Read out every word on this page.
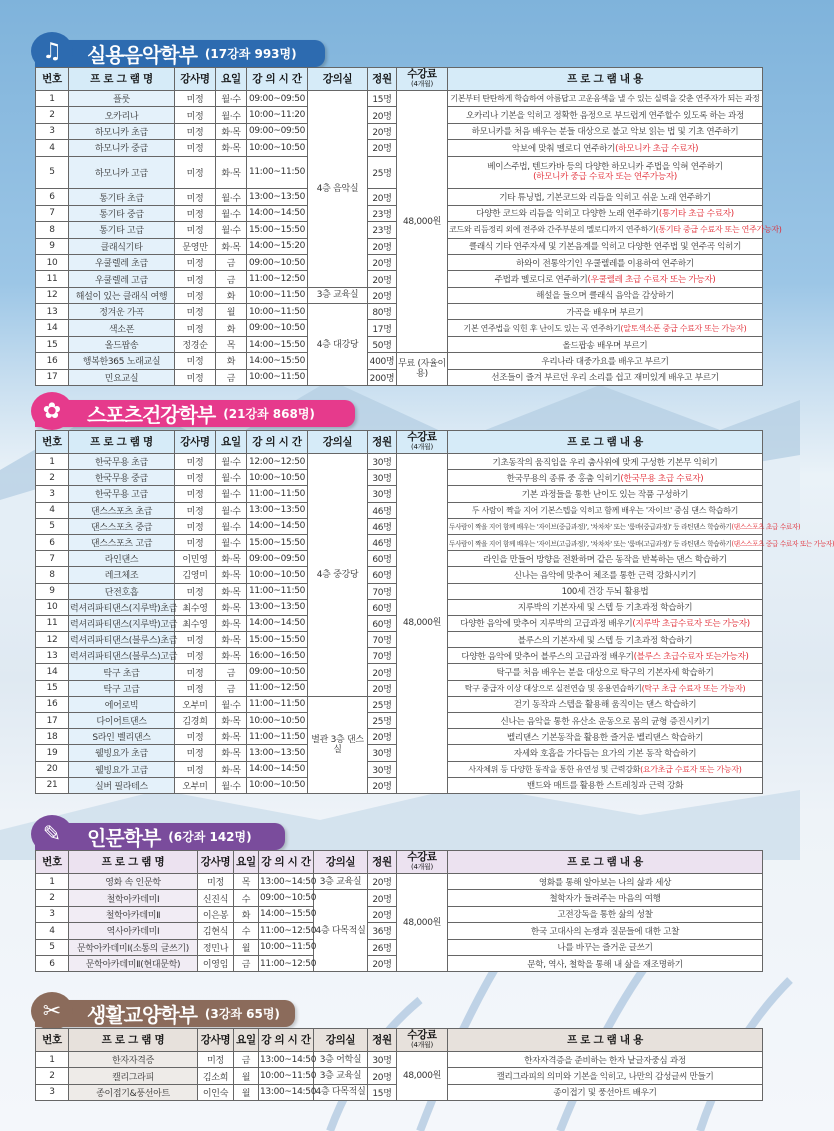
♫	실용음악학부 (17강좌 993명)
번호	프 로 그 램 명	강사명	요일	강 의 시 간	강의실	정원	수강료
(4개월)	프 로 그 램 내 용
1	플룻	미정	월·수	09:00~09:50	4층 음악실	15명	48,000원	기본부터 탄탄하게 학습하여 아름답고 고운음색을 낼 수 있는 실력을 갖춘 연주자가 되는 과정
2	오카리나	미정	월·수	10:00~11:20		20명		오카리나 기본을 익히고 정확한 음정으로 부드럽게 연주할수 있도록 하는 과정
3	하모니카 초급	미정	화·목	09:00~09:50		20명		하모니카를 처음 배우는 분들 대상으로 불고 악보 읽는 법 및 기초 연주하기
4	하모니카 중급	미정	화·목	10:00~10:50		20명		악보에 맞춰 멜로디 연주하기(하모니카 초급 수료자)
5	하모니카 고급	미정	화·목	11:00~11:50		25명		베이스주법, 텐드카바 등의 다양한 하모니카 주법을 익혀 연주하기
(하모니카 중급 수료자 또는 연주가능자)
6	통기타 초급	미정	월·수	13:00~13:50		20명		기타 튜닝법, 기본코드와 리듬을 익히고 쉬운 노래 연주하기
7	통기타 중급	미정	월·수	14:00~14:50		23명		다양한 코드와 리듬을 익히고 다양한 노래 연주하기(통기타 초급 수료자)
8	통기타 고급	미정	월·수	15:00~15:50		23명		코드와 리듬정리 외에 전주와 간주부분의 멜로디까지 연주하기(통기타 중급 수료자 또는 연주가능자)
9	클래식기타	문영만	화·목	14:00~15:20		20명		클래식 기타 연주자세 및 기본음계를 익히고 다양한 연주법 및 연주곡 익히기
10	우쿨렐레 초급	미정	금	09:00~10:50		20명		하와이 전통악기인 우쿨렐레를 이용하여 연주하기
11	우쿨렐레 고급	미정	금	11:00~12:50		20명		주법과 멜로디로 연주하기(우쿨렐레 초급 수료자 또는 가능자)
12	해설이 있는 클래식 여행	미정	화	10:00~11:50	3층 교육실	20명		해설을 들으며 클래식 음악을 감상하기
13	정겨운 가곡	미정	월	10:00~11:50	4층 대강당	80명		가곡을 배우며 부르기
14	색소폰	미정	화	09:00~10:50		17명		기본 연주법을 익힌 후 난이도 있는 곡 연주하기(알토색소폰 중급 수료자 또는 가능자)
15	올드팝송	정경순	목	14:00~15:50		50명		올드팝송 배우며 부르기
16	행복한365 노래교실	미정	화	14:00~15:50		400명	무료 (자율이용)	우리나라 대중가요를 배우고 부르기
17	민요교실	미정	금	10:00~11:50		200명		선조들이 즐겨 부르던 우리 소리를 쉽고 재미있게 배우고 부르기
✿	스포츠건강학부 (21강좌 868명)
번호	프 로 그 램 명	강사명	요일	강 의 시 간	강의실	정원	수강료
(4개월)	프 로 그 램 내 용
1	한국무용 초급	미정	월·수	12:00~12:50	4층 중강당	30명	48,000원	기초동작의 움직임을 우리 춤사위에 맞게 구성한 기본무 익히기
2	한국무용 중급	미정	월·수	10:00~10:50		30명		한국무용의 종류 중 홍춤 익히기(한국무용 초급 수료자)
3	한국무용 고급	미정	월·수	11:00~11:50		30명		기본 과정들을 통한 난이도 있는 작품 구성하기
4	댄스스포츠 초급	미정	월·수	13:00~13:50		46명		두 사람이 짝을 지어 기본스텝을 익히고 함께 배우는 '자이브' 중심 댄스 학습하기
5	댄스스포츠 중급	미정	월·수	14:00~14:50		46명		두사람이 짝을 지어 함께 배우는 '자이브(중급과정)', '차차차' 또는 '룸바(중급과정)' 등 라틴댄스 학습하기(댄스스포츠 초급 수료자)
6	댄스스포츠 고급	미정	월·수	15:00~15:50		46명		두사람이 짝을 지어 함께 배우는 '자이브(고급과정)', '차차차' 또는 '룸바(고급과정)' 등 라틴댄스 학습하기(댄스스포츠 중급 수료자 또는 가능자)
7	라인댄스	이민영	화·목	09:00~09:50		60명		라인을 만들어 방향을 전환하며 같은 동작을 반복하는 댄스 학습하기
8	레크체조	김영미	화·목	10:00~10:50		60명		신나는 음악에 맞추어 체조를 통한 근력 강화시키기
9	단전호흡	미정	화·목	11:00~11:50		70명		100세 건강 두뇌 활용법
10	럭셔리파티댄스(지루박)초급	최수영	화·목	13:00~13:50		60명		지루박의 기본자세 및 스텝 등 기초과정 학습하기
11	럭셔리파티댄스(지루박)고급	최수영	화·목	14:00~14:50		60명		다양한 음악에 맞추어 지루박의 고급과정 배우기(지루박 초급수료자 또는 가능자)
12	럭셔리파티댄스(블루스)초급	미정	화·목	15:00~15:50		70명		블루스의 기본자세 및 스텝 등 기초과정 학습하기
13	럭셔리파티댄스(블루스)고급	미정	화·목	16:00~16:50		70명		다양한 음악에 맞추어 블루스의 고급과정 배우기(블루스 초급수료자 또는가능자)
14	탁구 초급	미정	금	09:00~10:50		20명		탁구를 처음 배우는 분을 대상으로 탁구의 기본자세 학습하기
15	탁구 고급	미정	금	11:00~12:50		20명		탁구 중급자 이상 대상으로 실전연습 및 응용연습하기(탁구 초급 수료자 또는 가능자)
16	에어로빅	오부미	월·수	11:00~11:50	별관 3층 댄스실	25명		걷기 동작과 스텝을 활용해 움직이는 댄스 학습하기
17	다이어트댄스	김경희	화·목	10:00~10:50		25명		신나는 음악을 통한 유산소 운동으로 몸의 균형 증진시키기
18	S라인 벨리댄스	미정	화·목	11:00~11:50		20명		벨리댄스 기본동작을 활용한 즐거운 벨리댄스 학습하기
19	웰빙요가 초급	미정	화·목	13:00~13:50		30명		자세와 호흡을 가다듬는 요가의 기본 동작 학습하기
20	웰빙요가 고급	미정	화·목	14:00~14:50		30명		사자체위 등 다양한 동작을 통한 유연성 및 근력강화(요가초급 수료자 또는 가능자)
21	실버 필라테스	오부미	월·수	10:00~10:50		20명		밴드와 매트를 활용한 스트레칭과 근력 강화
✎	인문학부 (6강좌 142명)
번호	프 로 그 램 명	강사명	요일	강 의 시 간	강의실	정원	수강료
(4개월)	프 로 그 램 내 용
1	영화 속 인문학	미정	목	13:00~14:50	3층 교육실	20명	48,000원	영화를 통해 알아보는 나의 삶과 세상
2	철학아카데미Ⅰ	신진식	수	09:00~10:50	4층 다목적실	20명		철학자가 들려주는 마음의 여행
3	철학아카데미Ⅱ	이은봉	화	14:00~15:50		20명		고전강독을 통한 삶의 성찰
4	역사아카데미Ⅰ	김현식	수	11:00~12:50		36명		한국 고대사의 논쟁과 질문들에 대한 고찰
5	문학아카데미Ⅰ(소통의 글쓰기)	정민나	월	10:00~11:50		26명		나를 바꾸는 즐거운 글쓰기
6	문학아카데미Ⅱ(현대문학)	이영임	금	11:00~12:50		20명		문학, 역사, 철학을 통해 내 삶을 재조명하기
✂	생활교양학부 (3강좌 65명)
번호	프 로 그 램 명	강사명	요일	강 의 시 간	강의실	정원	수강료
(4개월)	프 로 그 램 내 용
1	한자자격증	미정	금	13:00~14:50	3층 어학실	30명	48,000원	한자자격증을 준비하는 한자 낱글자중심 과정
2	캘리그라피	김소희	월	10:00~11:50	3층 교육실	20명		캘리그라피의 의미와 기본을 익히고, 나만의 감성글씨 만들기
3	종이접기&풍선아트	이인숙	월	13:00~14:50	4층 다목적실	15명		종이접기 및 풍선아트 배우기
